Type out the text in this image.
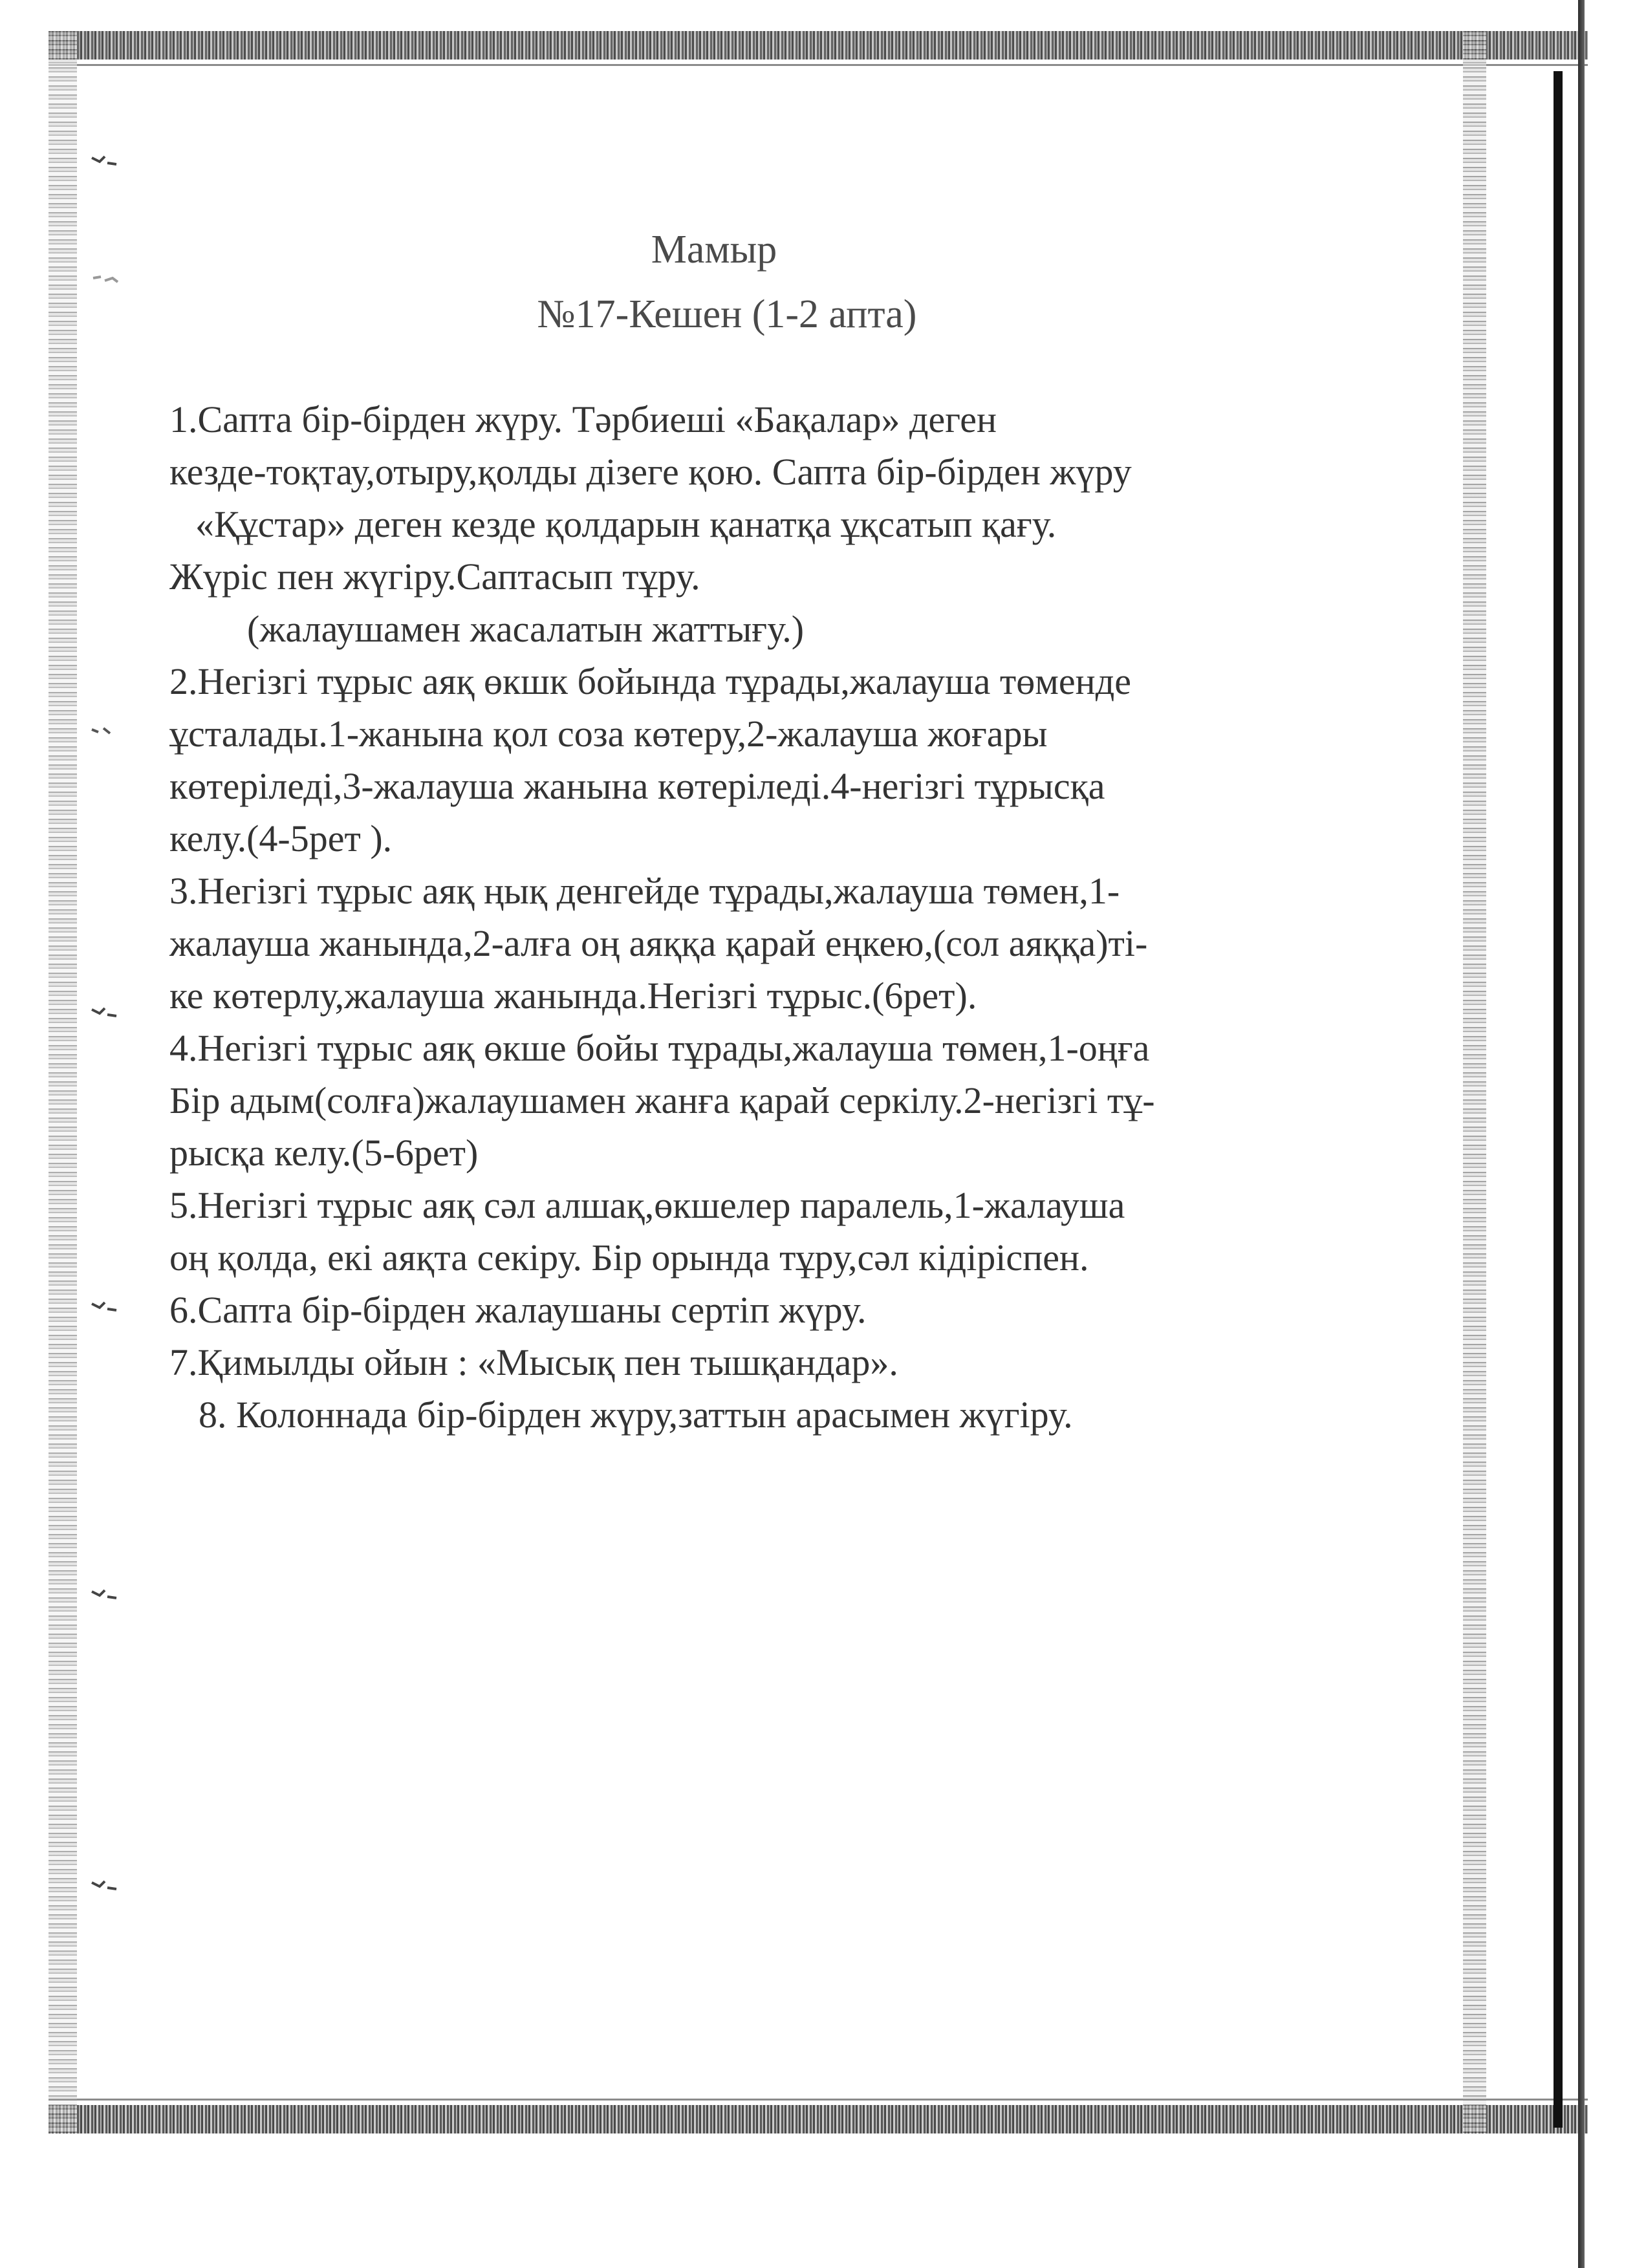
Мамыр
№17-Кешен (1-2 апта)
1.Сапта бір-бірден жүру. Тәрбиеші «Бақалар» деген
кезде-тоқтау,отыру,қолды дізеге қою. Сапта бір-бірден жүру
«Құстар» деген кезде қолдарын қанатқа ұқсатып қағу.
Жүріс пен жүгіру.Саптасып тұру.
(жалаушамен жасалатын жаттығу.)
2.Негізгі тұрыс аяқ өкшк бойында тұрады,жалауша төменде
ұсталады.1-жанына қол соза көтеру,2-жалауша жоғары
көтеріледі,3-жалауша жанына көтеріледі.4-негізгі тұрысқа
келу.(4-5рет ).
3.Негізгі тұрыс аяқ ңық денгейде тұрады,жалауша төмен,1-
жалауша жанында,2-алға оң аяққа қарай еңкею,(сол аяққа)ті-
ке көтерлу,жалауша жанында.Негізгі тұрыс.(6рет).
4.Негізгі тұрыс аяқ өкше бойы тұрады,жалауша төмен,1-оңға
Бір адым(солға)жалаушамен жанға қарай серкілу.2-негізгі тұ-
рысқа келу.(5-6рет)
5.Негізгі тұрыс аяқ сәл алшақ,өкшелер паралель,1-жалауша
оң қолда, екі аяқта секіру. Бір орында тұру,сәл кідіріспен.
6.Сапта бір-бірден жалаушаны сертіп жүру.
7.Қимылды ойын : «Мысық пен тышқандар».
8. Колоннада бір-бірден жүру,заттын арасымен жүгіру.
